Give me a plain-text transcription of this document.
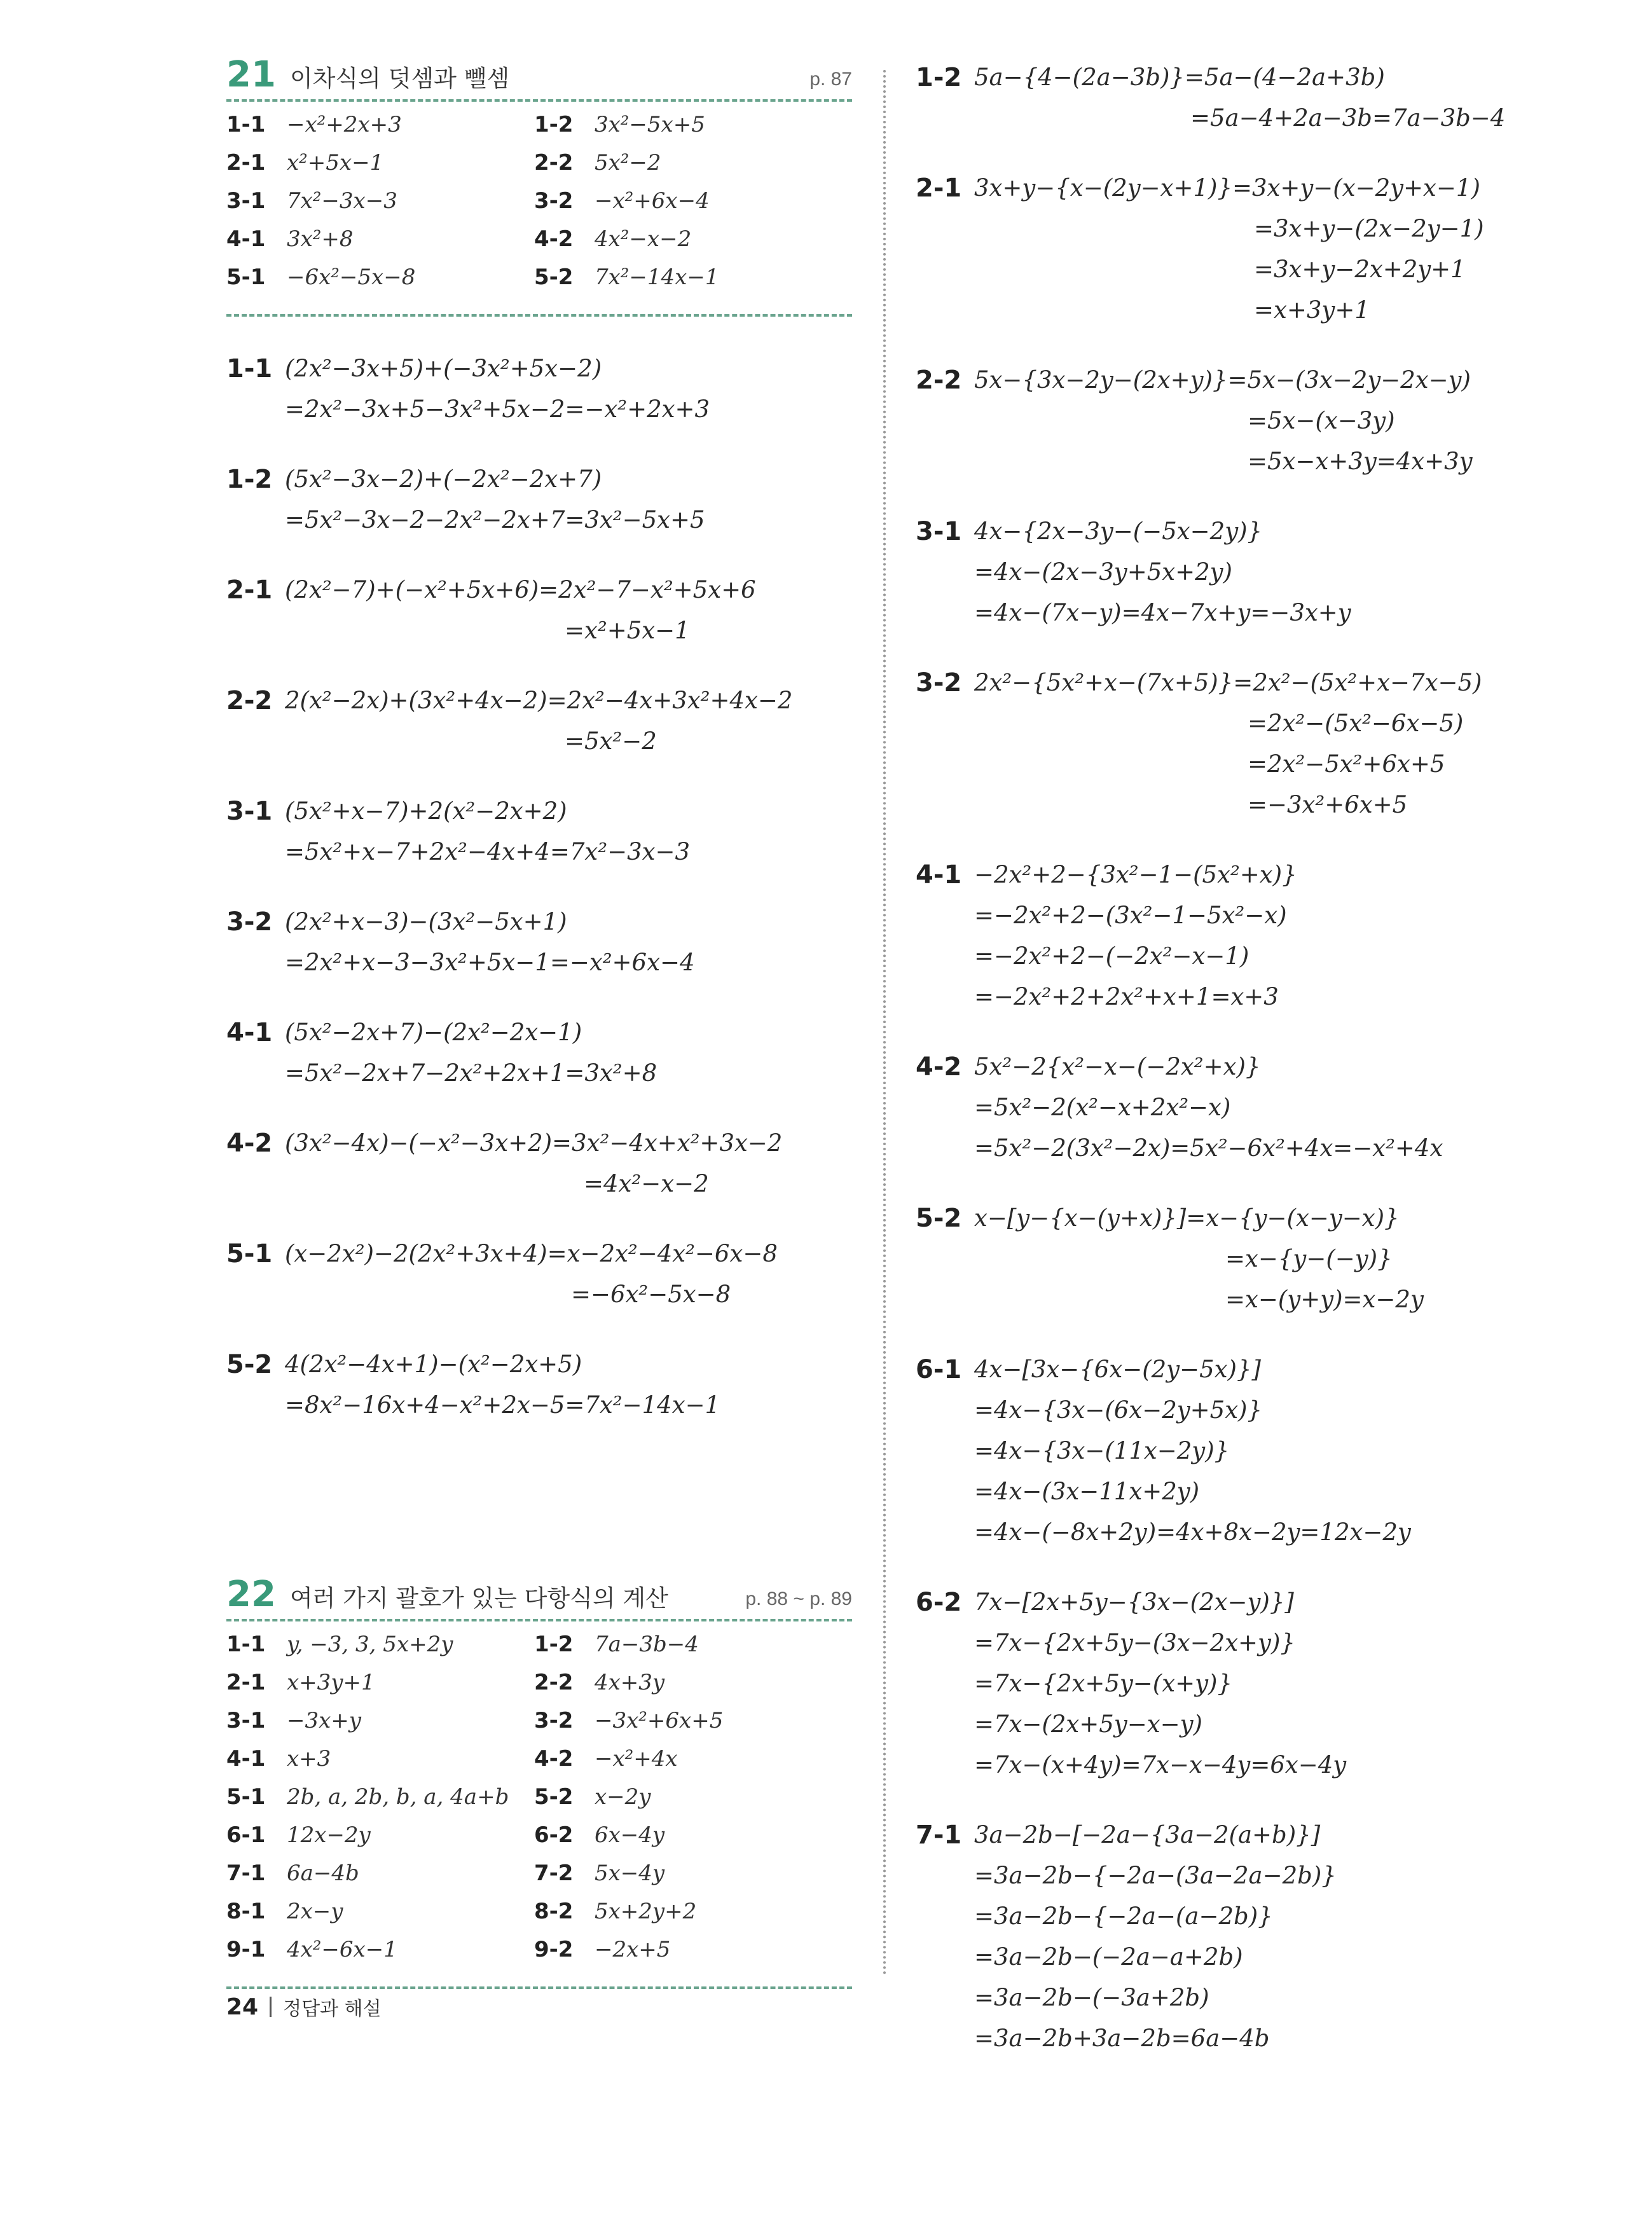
21 이차식의 덧셈과 뺄셈	p. 87
1-1 −x²+2x+3	1-2 3x²−5x+5
2-1 x²+5x−1	2-2 5x²−2
3-1 7x²−3x−3	3-2 −x²+6x−4
4-1 3x²+8	4-2 4x²−x−2
5-1 −6x²−5x−8	5-2 7x²−14x−1
1-1 (2x²−3x+5)+(−3x²+5x−2)
=2x²−3x+5−3x²+5x−2=−x²+2x+3
1-2 (5x²−3x−2)+(−2x²−2x+7)
=5x²−3x−2−2x²−2x+7=3x²−5x+5
2-1 (2x²−7)+(−x²+5x+6)=2x²−7−x²+5x+6
=x²+5x−1
2-2 2(x²−2x)+(3x²+4x−2)=2x²−4x+3x²+4x−2
=5x²−2
3-1 (5x²+x−7)+2(x²−2x+2)
=5x²+x−7+2x²−4x+4=7x²−3x−3
3-2 (2x²+x−3)−(3x²−5x+1)
=2x²+x−3−3x²+5x−1=−x²+6x−4
4-1 (5x²−2x+7)−(2x²−2x−1)
=5x²−2x+7−2x²+2x+1=3x²+8
4-2 (3x²−4x)−(−x²−3x+2)=3x²−4x+x²+3x−2
=4x²−x−2
5-1 (x−2x²)−2(2x²+3x+4)=x−2x²−4x²−6x−8
=−6x²−5x−8
5-2 4(2x²−4x+1)−(x²−2x+5)
=8x²−16x+4−x²+2x−5=7x²−14x−1
22 여러 가지 괄호가 있는 다항식의 계산	p. 88 ~ p. 89
1-1 y, −3, 3, 5x+2y	1-2 7a−3b−4
2-1 x+3y+1	2-2 4x+3y
3-1 −3x+y	3-2 −3x²+6x+5
4-1 x+3	4-2 −x²+4x
5-1 2b, a, 2b, b, a, 4a+b 5-2 x−2y
6-1 12x−2y	6-2 6x−4y
7-1 6a−4b	7-2 5x−4y
8-1 2x−y	8-2 5x+2y+2
9-1 4x²−6x−1	9-2 −2x+5
1-2 5a−{4−(2a−3b)}=5a−(4−2a+3b)
=5a−4+2a−3b=7a−3b−4
2-1 3x+y−{x−(2y−x+1)}=3x+y−(x−2y+x−1)
=3x+y−(2x−2y−1)
=3x+y−2x+2y+1
=x+3y+1
2-2 5x−{3x−2y−(2x+y)}=5x−(3x−2y−2x−y)
=5x−(x−3y)
=5x−x+3y=4x+3y
3-1 4x−{2x−3y−(−5x−2y)}
=4x−(2x−3y+5x+2y)
=4x−(7x−y)=4x−7x+y=−3x+y
3-2 2x²−{5x²+x−(7x+5)}=2x²−(5x²+x−7x−5)
=2x²−(5x²−6x−5)
=2x²−5x²+6x+5
=−3x²+6x+5
4-1 −2x²+2−{3x²−1−(5x²+x)}
=−2x²+2−(3x²−1−5x²−x)
=−2x²+2−(−2x²−x−1)
=−2x²+2+2x²+x+1=x+3
4-2 5x²−2{x²−x−(−2x²+x)}
=5x²−2(x²−x+2x²−x)
=5x²−2(3x²−2x)=5x²−6x²+4x=−x²+4x
5-2 x−[y−{x−(y+x)}]=x−{y−(x−y−x)}
=x−{y−(−y)}
=x−(y+y)=x−2y
6-1 4x−[3x−{6x−(2y−5x)}]
=4x−{3x−(6x−2y+5x)}
=4x−{3x−(11x−2y)}
=4x−(3x−11x+2y)
=4x−(−8x+2y)=4x+8x−2y=12x−2y
6-2 7x−[2x+5y−{3x−(2x−y)}]
=7x−{2x+5y−(3x−2x+y)}
=7x−{2x+5y−(x+y)}
=7x−(2x+5y−x−y)
=7x−(x+4y)=7x−x−4y=6x−4y
7-1 3a−2b−[−2a−{3a−2(a+b)}]
=3a−2b−{−2a−(3a−2a−2b)}
=3a−2b−{−2a−(a−2b)}
=3a−2b−(−2a−a+2b)
=3a−2b−(−3a+2b)
=3a−2b+3a−2b=6a−4b
24 정답과 해설
